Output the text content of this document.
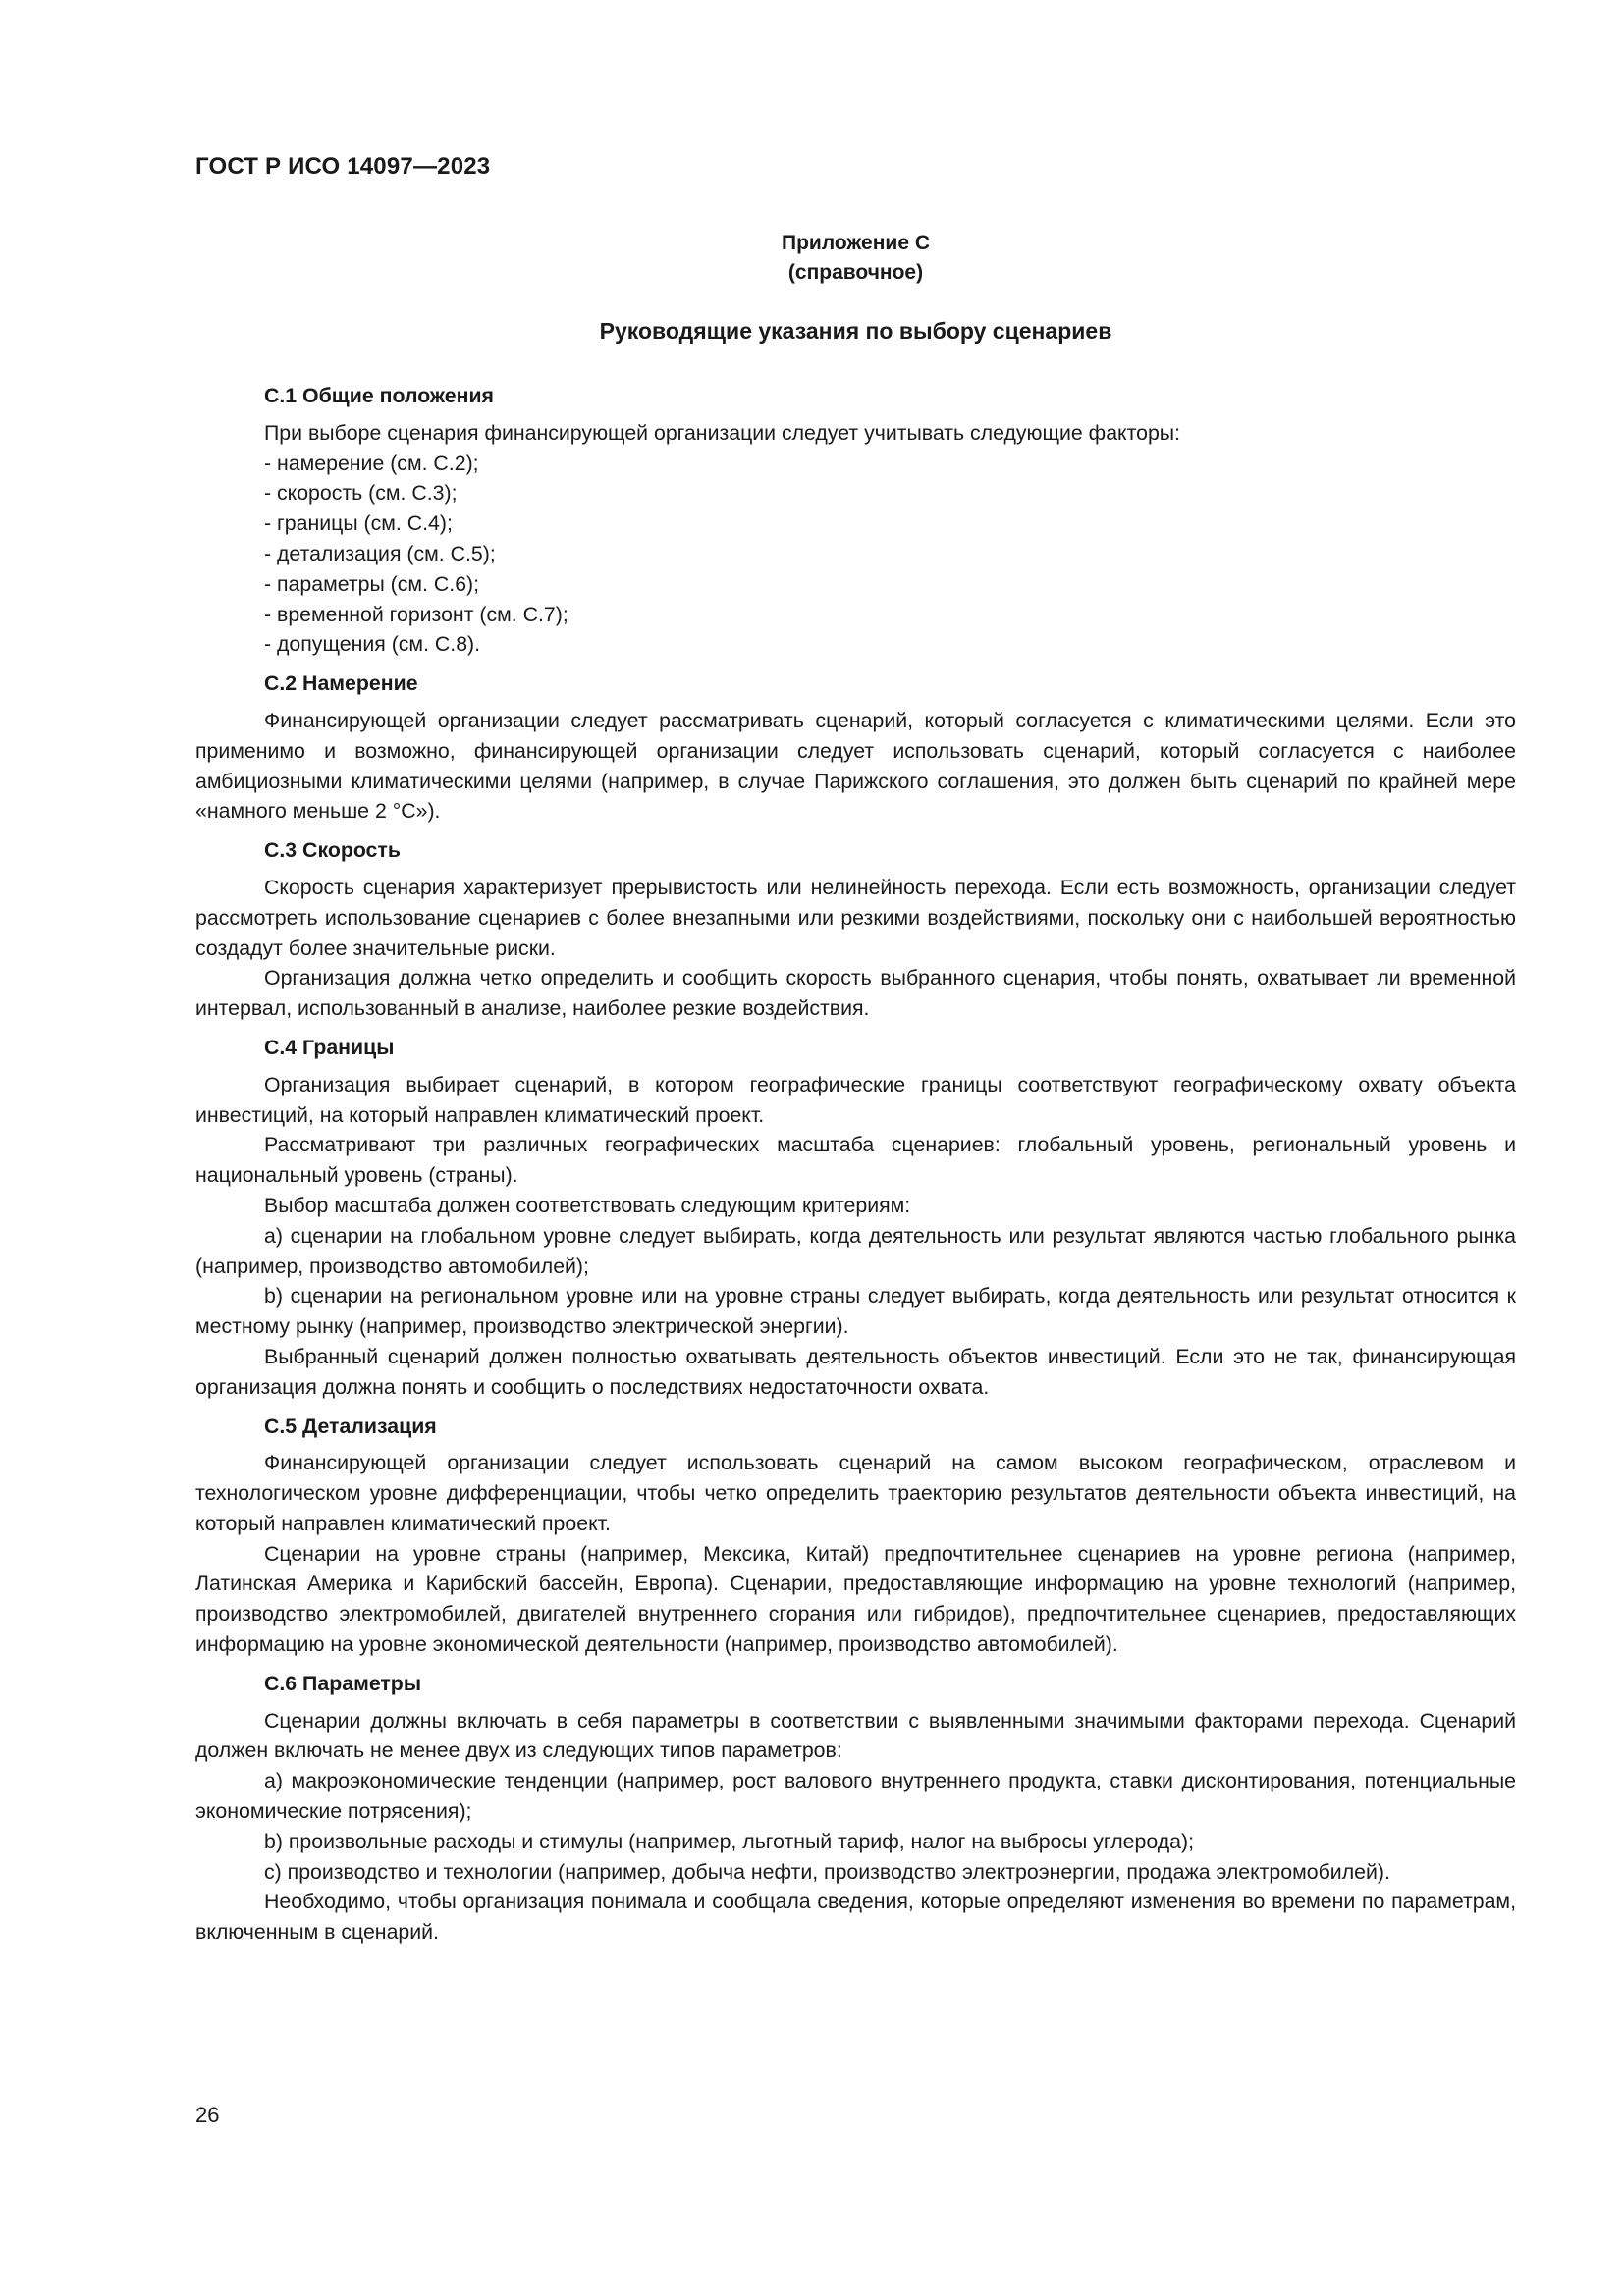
ГОСТ Р ИСО 14097—2023
Приложение С
(справочное)
Руководящие указания по выбору сценариев
С.1 Общие положения

При выборе сценария финансирующей организации следует учитывать следующие факторы:

- намерение (см. С.2);

- скорость (см. С.3);

- границы (см. С.4);

- детализация (см. С.5);

- параметры (см. С.6);

- временной горизонт (см. С.7);

- допущения (см. С.8).

С.2 Намерение

Финансирующей организации следует рассматривать сценарий, который согласуется с климатическими целями. Если это применимо и возможно, финансирующей организации следует использовать сценарий, который согласуется с наиболее амбициозными климатическими целями (например, в случае Парижского соглашения, это должен быть сценарий по крайней мере «намного меньше 2 °С»).

С.3 Скорость

Скорость сценария характеризует прерывистость или нелинейность перехода. Если есть возможность, организации следует рассмотреть использование сценариев с более внезапными или резкими воздействиями, поскольку они с наибольшей вероятностью создадут более значительные риски.

Организация должна четко определить и сообщить скорость выбранного сценария, чтобы понять, охватывает ли временной интервал, использованный в анализе, наиболее резкие воздействия.

С.4 Границы

Организация выбирает сценарий, в котором географические границы соответствуют географическому охвату объекта инвестиций, на который направлен климатический проект.

Рассматривают три различных географических масштаба сценариев: глобальный уровень, региональный уровень и национальный уровень (страны).

Выбор масштаба должен соответствовать следующим критериям:

а) сценарии на глобальном уровне следует выбирать, когда деятельность или результат являются частью глобального рынка (например, производство автомобилей);

b) сценарии на региональном уровне или на уровне страны следует выбирать, когда деятельность или результат относится к местному рынку (например, производство электрической энергии).

Выбранный сценарий должен полностью охватывать деятельность объектов инвестиций. Если это не так, финансирующая организация должна понять и сообщить о последствиях недостаточности охвата.

С.5 Детализация

Финансирующей организации следует использовать сценарий на самом высоком географическом, отраслевом и технологическом уровне дифференциации, чтобы четко определить траекторию результатов деятельности объекта инвестиций, на который направлен климатический проект.

Сценарии на уровне страны (например, Мексика, Китай) предпочтительнее сценариев на уровне региона (например, Латинская Америка и Карибский бассейн, Европа). Сценарии, предоставляющие информацию на уровне технологий (например, производство электромобилей, двигателей внутреннего сгорания или гибридов), предпочтительнее сценариев, предоставляющих информацию на уровне экономической деятельности (например, производство автомобилей).

С.6 Параметры

Сценарии должны включать в себя параметры в соответствии с выявленными значимыми факторами перехода. Сценарий должен включать не менее двух из следующих типов параметров:

а) макроэкономические тенденции (например, рост валового внутреннего продукта, ставки дисконтирования, потенциальные экономические потрясения);

b) произвольные расходы и стимулы (например, льготный тариф, налог на выбросы углерода);

с) производство и технологии (например, добыча нефти, производство электроэнергии, продажа электромобилей).

Необходимо, чтобы организация понимала и сообщала сведения, которые определяют изменения во времени по параметрам, включенным в сценарий.

26
